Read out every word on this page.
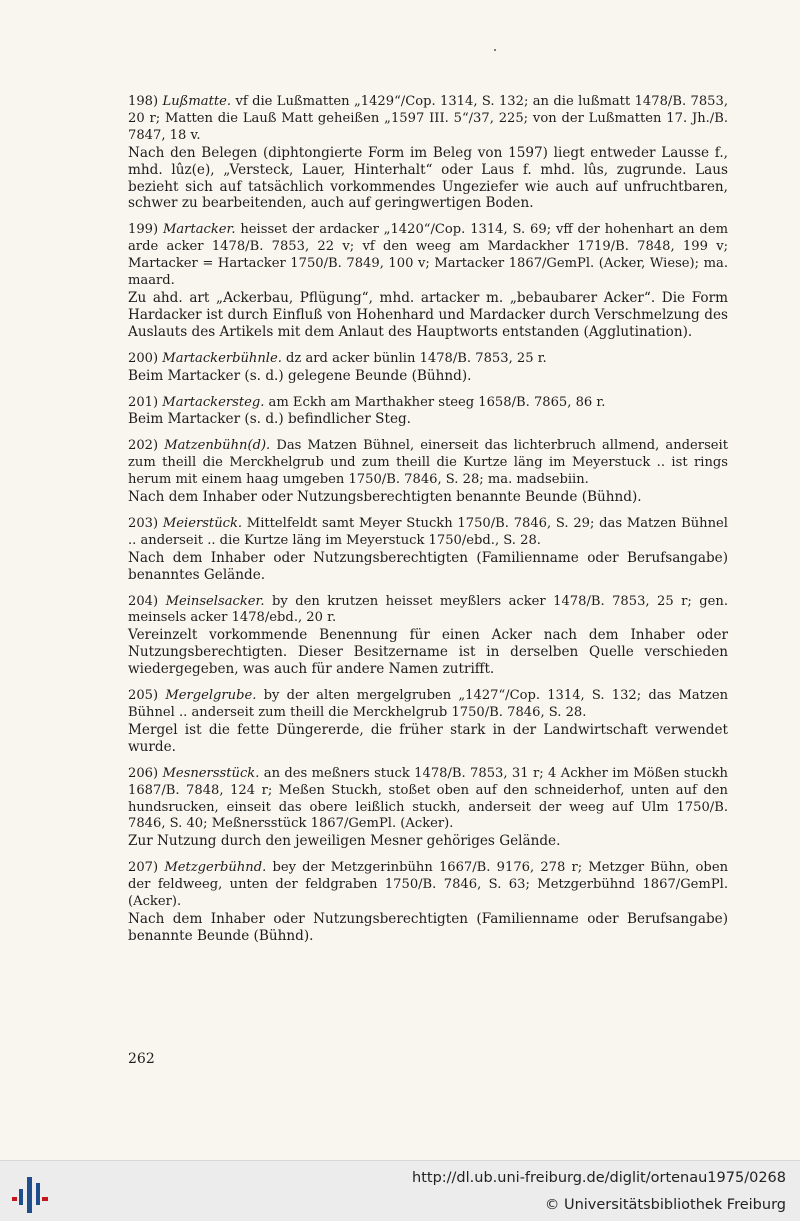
198) Lußmatte. vf die Lußmatten „1429“/Cop. 1314, S. 132; an die lußmatt 1478/B. 7853, 20 r; Matten die Lauß Matt geheißen „1597 III. 5“/37, 225; von der Lußmatten 17. Jh./B. 7847, 18 v.

Nach den Belegen (diphtongierte Form im Beleg von 1597) liegt entweder Lausse f., mhd. lûz(e), „Versteck, Lauer, Hinterhalt“ oder Laus f. mhd. lûs, zugrunde. Laus bezieht sich auf tatsächlich vorkommendes Ungeziefer wie auch auf unfruchtbaren, schwer zu bearbeitenden, auch auf geringwertigen Boden.

199) Martacker. heisset der ardacker „1420“/Cop. 1314, S. 69; vff der hohenhart an dem arde acker 1478/B. 7853, 22 v; vf den weeg am Mardackher 1719/B. 7848, 199 v; Martacker = Hartacker 1750/B. 7849, 100 v; Martacker 1867/GemPl. (Acker, Wiese); ma. maard.

Zu ahd. art „Ackerbau, Pflügung“, mhd. artacker m. „bebaubarer Acker“. Die Form Hardacker ist durch Einfluß von Hohenhard und Mardacker durch Verschmelzung des Auslauts des Artikels mit dem Anlaut des Hauptworts entstanden (Agglutination).

200) Martackerbühnle. dz ard acker bünlin 1478/B. 7853, 25 r.

Beim Martacker (s. d.) gelegene Beunde (Bühnd).

201) Martackersteg. am Eckh am Marthakher steeg 1658/B. 7865, 86 r.

Beim Martacker (s. d.) befindlicher Steg.

202) Matzenbühn(d). Das Matzen Bühnel, einerseit das lichterbruch allmend, anderseit zum theill die Merckhelgrub und zum theill die Kurtze läng im Meyerstuck .. ist rings herum mit einem haag umgeben 1750/B. 7846, S. 28; ma. madsebiin.

Nach dem Inhaber oder Nutzungsberechtigten benannte Beunde (Bühnd).

203) Meierstück. Mittelfeldt samt Meyer Stuckh 1750/B. 7846, S. 29; das Matzen Bühnel .. anderseit .. die Kurtze läng im Meyerstuck 1750/ebd., S. 28.

Nach dem Inhaber oder Nutzungsberechtigten (Familienname oder Berufsangabe) benanntes Gelände.

204) Meinselsacker. by den krutzen heisset meyßlers acker 1478/B. 7853, 25 r; gen. meinsels acker 1478/ebd., 20 r.

Vereinzelt vorkommende Benennung für einen Acker nach dem Inhaber oder Nutzungsberechtigten. Dieser Besitzername ist in derselben Quelle verschieden wiedergegeben, was auch für andere Namen zutrifft.

205) Mergelgrube. by der alten mergelgruben „1427“/Cop. 1314, S. 132; das Matzen Bühnel .. anderseit zum theill die Merckhelgrub 1750/B. 7846, S. 28.

Mergel ist die fette Düngererde, die früher stark in der Landwirtschaft verwendet wurde.

206) Mesnersstück. an des meßners stuck 1478/B. 7853, 31 r; 4 Ackher im Mößen stuckh 1687/B. 7848, 124 r; Meßen Stuckh, stoßet oben auf den schneiderhof, unten auf den hundsrucken, einseit das obere leißlich stuckh, anderseit der weeg auf Ulm 1750/B. 7846, S. 40; Meßnersstück 1867/GemPl. (Acker).

Zur Nutzung durch den jeweiligen Mesner gehöriges Gelände.

207) Metzgerbühnd. bey der Metzgerinbühn 1667/B. 9176, 278 r; Metzger Bühn, oben der feldweeg, unten der feldgraben 1750/B. 7846, S. 63; Metzgerbühnd 1867/GemPl. (Acker).

Nach dem Inhaber oder Nutzungsberechtigten (Familienname oder Berufsangabe) benannte Beunde (Bühnd).

262
http://dl.ub.uni-freiburg.de/diglit/ortenau1975/0268
© Universitätsbibliothek Freiburg
